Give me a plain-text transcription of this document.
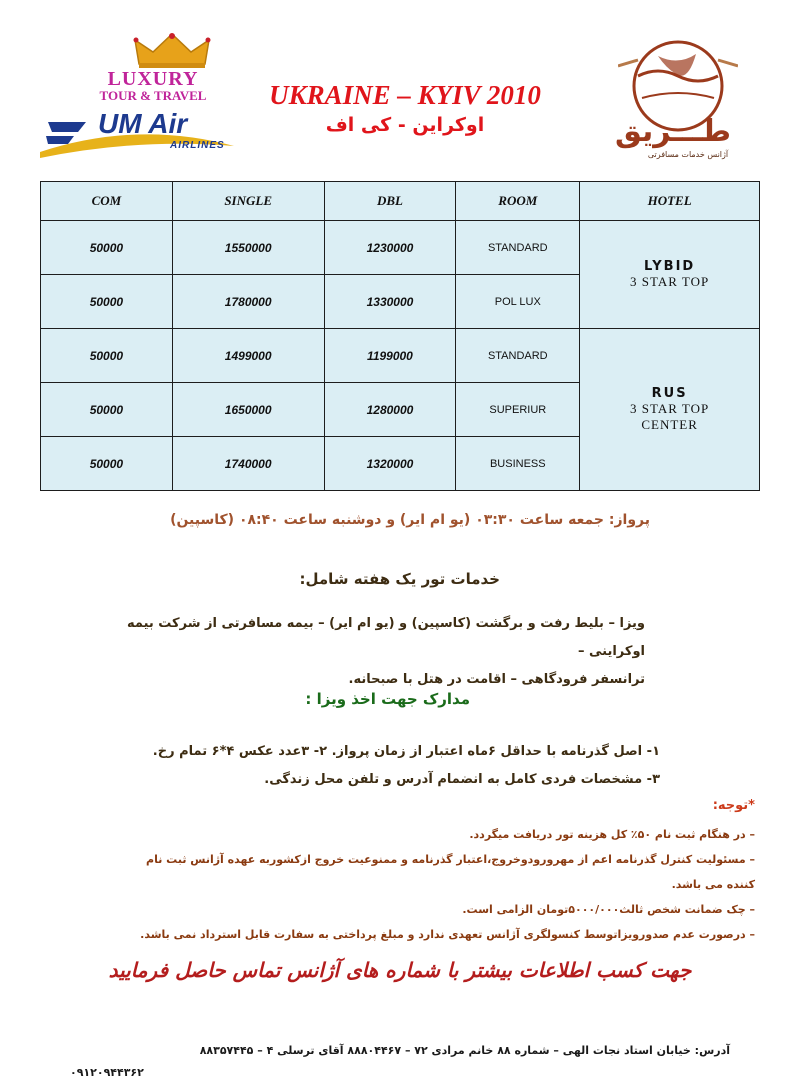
LUXURY
TOUR & TRAVEL
UM Air
AIRLINES
UKRAINE – KYIV 2010
اوکراین - کی اف	طـــریق
آژانس خدمات مسافرتی
COM	SINGLE	DBL	ROOM	HOTEL
50000	1550000	1230000	STANDARD	LYBID
3 STAR TOP

50000	1780000	1330000	POL LUX	
50000	1499000	1199000	STANDARD	RUS
3 STAR TOP
CENTER

50000	1650000	1280000	SUPERIUR	
50000	1740000	1320000	BUSINESS	
پرواز: جمعه ساعت ۰۳:۳۰ (یو ام ایر) و دوشنبه ساعت ۰۸:۴۰ (کاسپین)
خدمات تور یک هفته شامل:
ویزا – بلیط رفت و برگشت (کاسپین) و (یو ام ایر) – بیمه مسافرتی از شرکت بیمه اوکراینی –
ترانسفر فرودگاهی – اقامت در هتل با صبحانه.
مدارک جهت اخذ ویزا :
۱- اصل گذرنامه با حداقل ۶ماه اعتبار از زمان پرواز. ۲- ۳عدد عکس ۴*۶ تمام رخ.
۳- مشخصات فردی کامل به انضمام آدرس و تلفن محل زندگی.
*توجه:
– در هنگام ثبت نام ۵۰٪ کل هزینه تور دریافت میگردد.
– مسئولیت کنترل گذرنامه اعم از مهرورودوخروج،اعتبار گذرنامه و ممنوعیت خروج ازکشوربه عهده آژانس ثبت نام کننده می باشد.
– چک ضمانت شخص ثالث۵۰۰۰/۰۰۰تومان الزامی است.
– درصورت عدم صدورویزاتوسط کنسولگری آژانس تعهدی ندارد و مبلغ پرداختی به سفارت قابل استرداد نمی باشد.
جهت کسب اطلاعات بیشتر با شماره های آژانس تماس حاصل فرمایید
آدرس: خیابان استاد نجات الهی – شماره ۸۸ خانم مرادی ۷۲ – ۸۸۸۰۴۴۶۷ آقای ترسلی ۴ – ۸۸۳۵۷۴۴۵
۰۹۱۲۰۹۴۴۳۶۲
